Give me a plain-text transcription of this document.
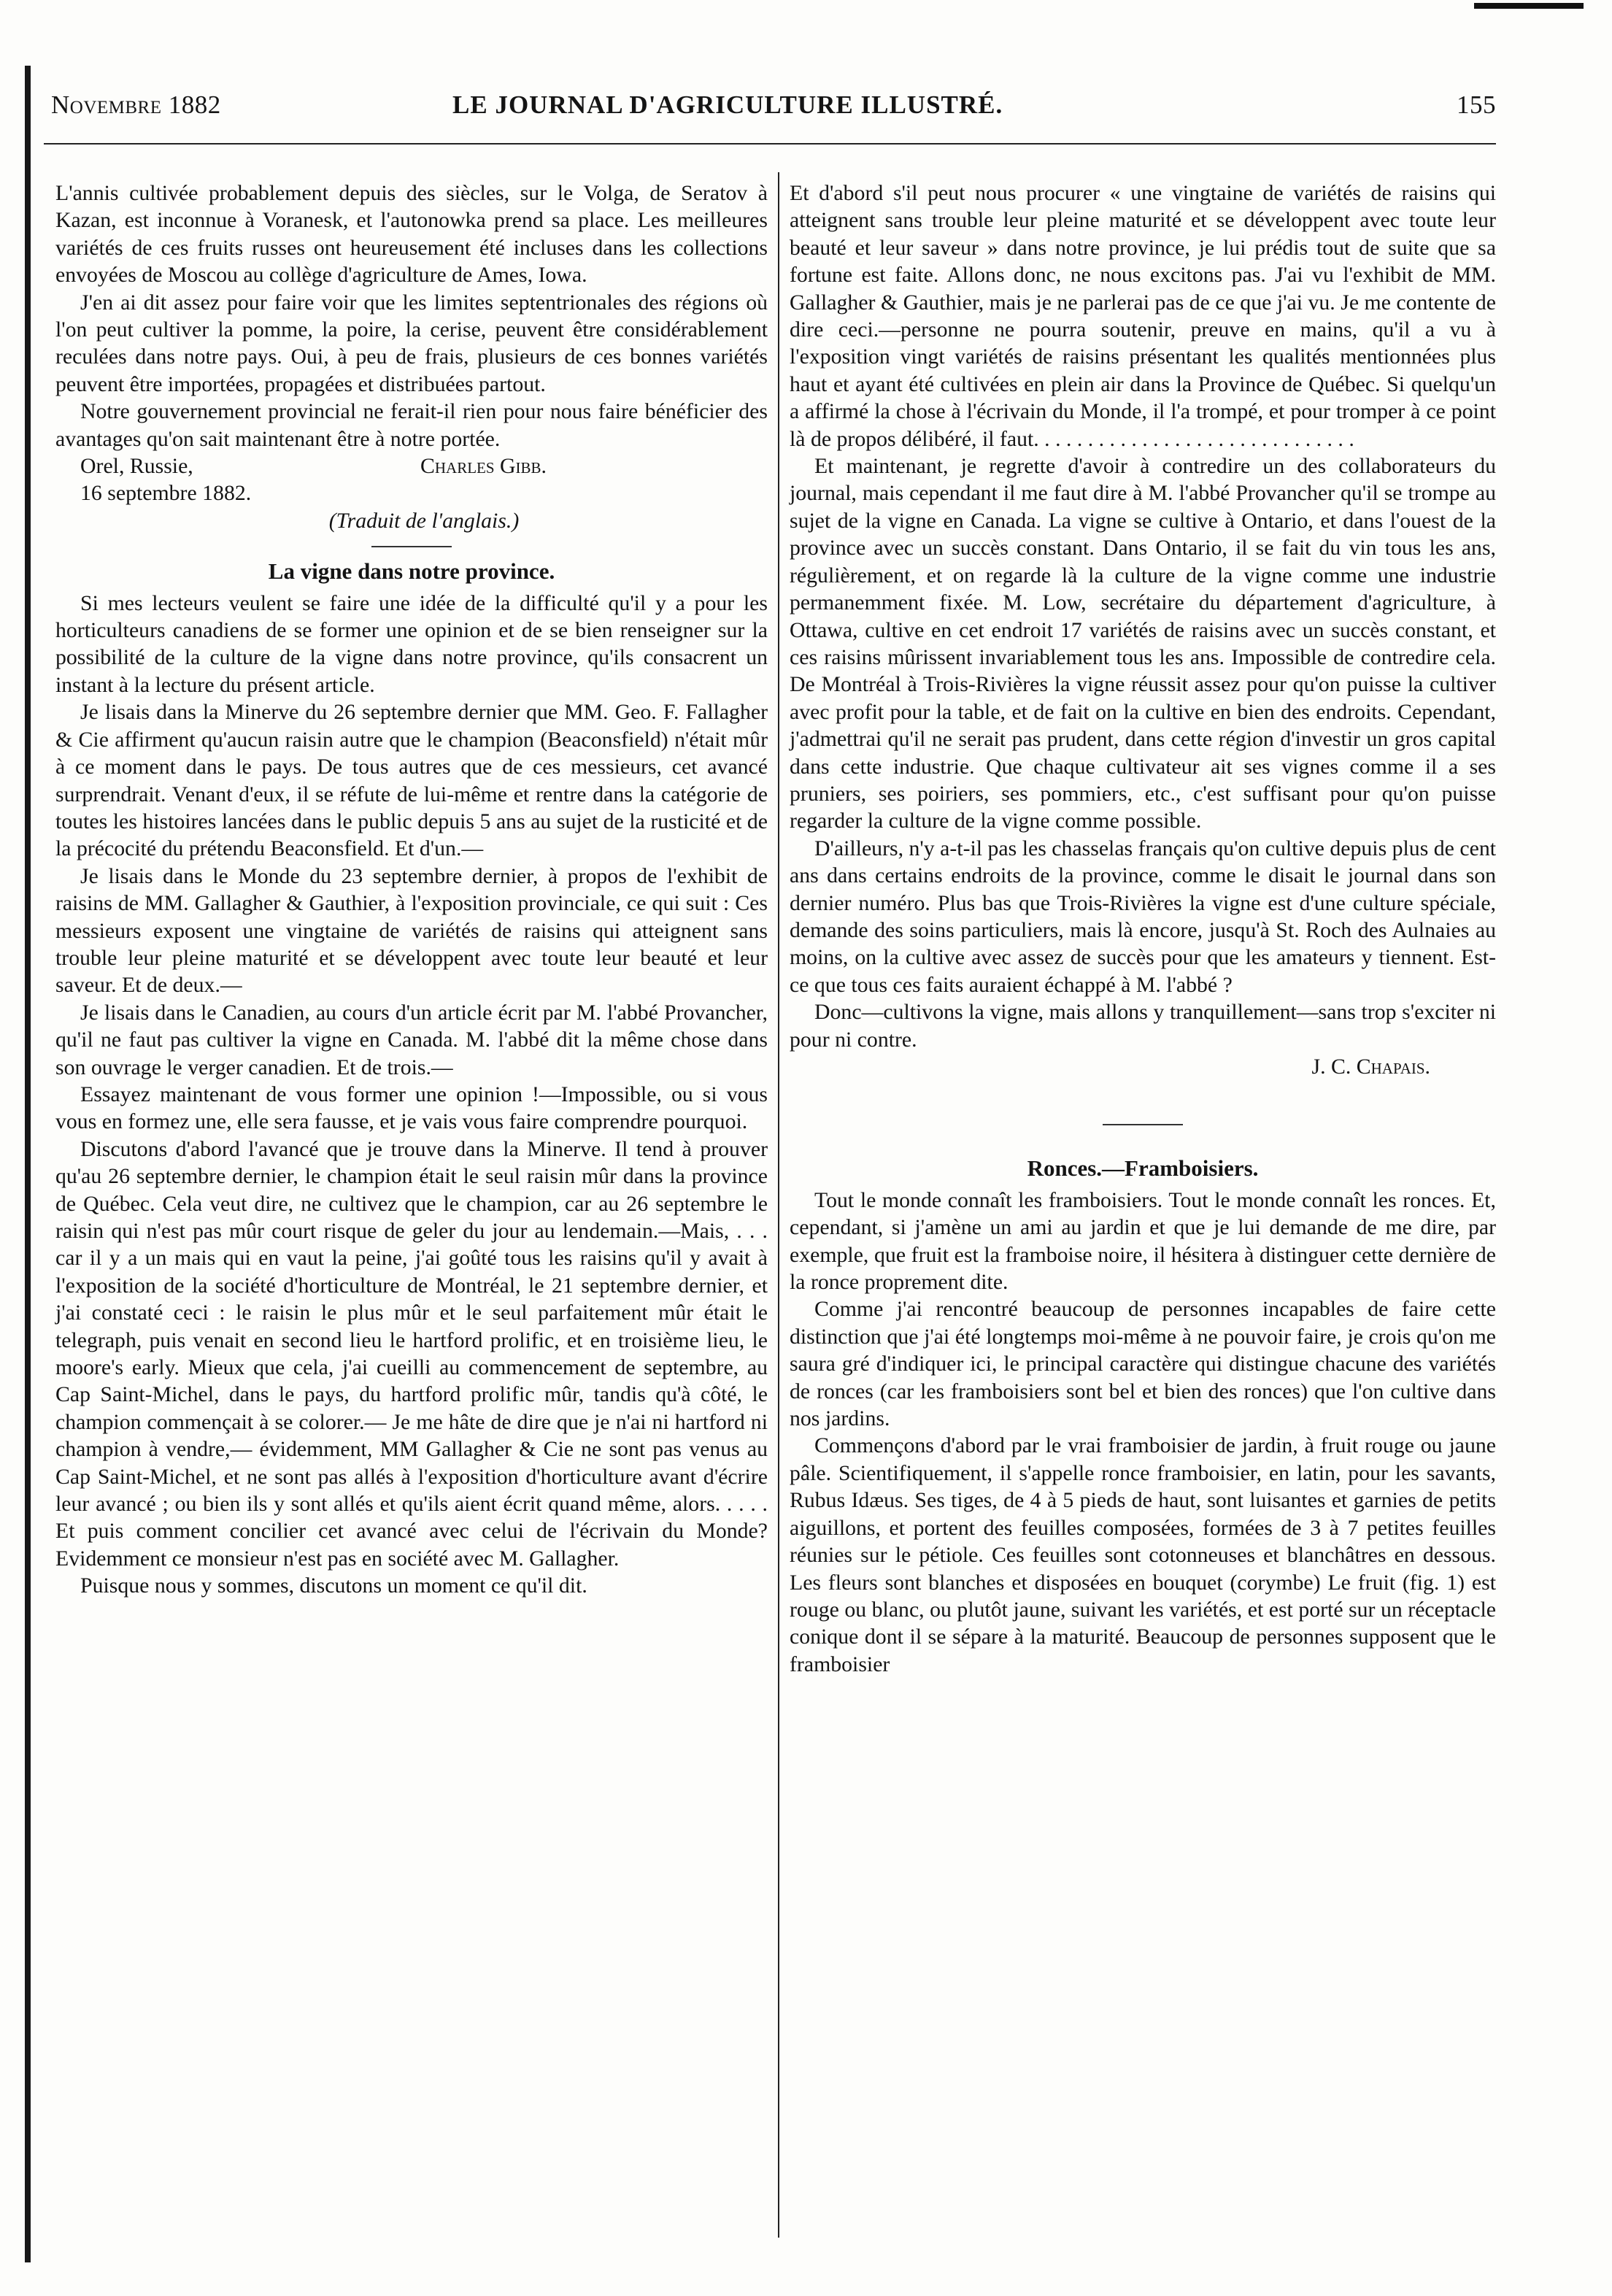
Novembre 1882	LE JOURNAL D'AGRICULTURE ILLUSTRÉ.	155

L'annis cultivée probablement depuis des siècles, sur le Volga, de Seratov à Kazan, est inconnue à Voranesk, et l'autonowka prend sa place. Les meilleures variétés de ces fruits russes ont heureusement été incluses dans les collections envoyées de Moscou au collège d'agriculture de Ames, Iowa.

J'en ai dit assez pour faire voir que les limites septentrionales des régions où l'on peut cultiver la pomme, la poire, la cerise, peuvent être considérablement reculées dans notre pays. Oui, à peu de frais, plusieurs de ces bonnes variétés peuvent être importées, propagées et distribuées partout.

Notre gouvernement provincial ne ferait-il rien pour nous faire bénéficier des avantages qu'on sait maintenant être à notre portée.

Orel, Russie,	Charles Gibb.

16 septembre 1882.

(Traduit de l'anglais.)

La vigne dans notre province.

Si mes lecteurs veulent se faire une idée de la difficulté qu'il y a pour les horticulteurs canadiens de se former une opinion et de se bien renseigner sur la possibilité de la culture de la vigne dans notre province, qu'ils consacrent un instant à la lecture du présent article.

Je lisais dans la Minerve du 26 septembre dernier que MM. Geo. F. Fallagher & Cie affirment qu'aucun raisin autre que le champion (Beaconsfield) n'était mûr à ce moment dans le pays. De tous autres que de ces messieurs, cet avancé surprendrait. Venant d'eux, il se réfute de lui-même et rentre dans la catégorie de toutes les histoires lancées dans le public depuis 5 ans au sujet de la rusticité et de la précocité du prétendu Beaconsfield. Et d'un.—

Je lisais dans le Monde du 23 septembre dernier, à propos de l'exhibit de raisins de MM. Gallagher & Gauthier, à l'exposition provinciale, ce qui suit : Ces messieurs exposent une vingtaine de variétés de raisins qui atteignent sans trouble leur pleine maturité et se développent avec toute leur beauté et leur saveur. Et de deux.—

Je lisais dans le Canadien, au cours d'un article écrit par M. l'abbé Provancher, qu'il ne faut pas cultiver la vigne en Canada. M. l'abbé dit la même chose dans son ouvrage le verger canadien. Et de trois.—

Essayez maintenant de vous former une opinion !—Impossible, ou si vous vous en formez une, elle sera fausse, et je vais vous faire comprendre pourquoi.

Discutons d'abord l'avancé que je trouve dans la Minerve. Il tend à prouver qu'au 26 septembre dernier, le champion était le seul raisin mûr dans la province de Québec. Cela veut dire, ne cultivez que le champion, car au 26 septembre le raisin qui n'est pas mûr court risque de geler du jour au lendemain.—Mais, . . . car il y a un mais qui en vaut la peine, j'ai goûté tous les raisins qu'il y avait à l'exposition de la société d'horticulture de Montréal, le 21 septembre dernier, et j'ai constaté ceci : le raisin le plus mûr et le seul parfaitement mûr était le telegraph, puis venait en second lieu le hartford prolific, et en troisième lieu, le moore's early. Mieux que cela, j'ai cueilli au commencement de septembre, au Cap Saint-Michel, dans le pays, du hartford prolific mûr, tandis qu'à côté, le champion commençait à se colorer.— Je me hâte de dire que je n'ai ni hartford ni champion à vendre,— évidemment, MM Gallagher & Cie ne sont pas venus au Cap Saint-Michel, et ne sont pas allés à l'exposition d'horticulture avant d'écrire leur avancé ; ou bien ils y sont allés et qu'ils aient écrit quand même, alors. . . . . Et puis comment concilier cet avancé avec celui de l'écrivain du Monde? Evidemment ce monsieur n'est pas en société avec M. Gallagher.

Puisque nous y sommes, discutons un moment ce qu'il dit.

Et d'abord s'il peut nous procurer « une vingtaine de variétés de raisins qui atteignent sans trouble leur pleine maturité et se développent avec toute leur beauté et leur saveur » dans notre province, je lui prédis tout de suite que sa fortune est faite. Allons donc, ne nous excitons pas. J'ai vu l'exhibit de MM. Gallagher & Gauthier, mais je ne parlerai pas de ce que j'ai vu. Je me contente de dire ceci.—personne ne pourra soutenir, preuve en mains, qu'il a vu à l'exposition vingt variétés de raisins présentant les qualités mentionnées plus haut et ayant été cultivées en plein air dans la Province de Québec. Si quelqu'un a affirmé la chose à l'écrivain du Monde, il l'a trompé, et pour tromper à ce point là de propos délibéré, il faut. . . . . . . . . . . . . . . . . . . . . . . . . . . . . .

Et maintenant, je regrette d'avoir à contredire un des collaborateurs du journal, mais cependant il me faut dire à M. l'abbé Provancher qu'il se trompe au sujet de la vigne en Canada. La vigne se cultive à Ontario, et dans l'ouest de la province avec un succès constant. Dans Ontario, il se fait du vin tous les ans, régulièrement, et on regarde là la culture de la vigne comme une industrie permanemment fixée. M. Low, secrétaire du département d'agriculture, à Ottawa, cultive en cet endroit 17 variétés de raisins avec un succès constant, et ces raisins mûrissent invariablement tous les ans. Impossible de contredire cela. De Montréal à Trois-Rivières la vigne réussit assez pour qu'on puisse la cultiver avec profit pour la table, et de fait on la cultive en bien des endroits. Cependant, j'admettrai qu'il ne serait pas prudent, dans cette région d'investir un gros capital dans cette industrie. Que chaque cultivateur ait ses vignes comme il a ses pruniers, ses poiriers, ses pommiers, etc., c'est suffisant pour qu'on puisse regarder la culture de la vigne comme possible.

D'ailleurs, n'y a-t-il pas les chasselas français qu'on cultive depuis plus de cent ans dans certains endroits de la province, comme le disait le journal dans son dernier numéro. Plus bas que Trois-Rivières la vigne est d'une culture spéciale, demande des soins particuliers, mais là encore, jusqu'à St. Roch des Aulnaies au moins, on la cultive avec assez de succès pour que les amateurs y tiennent. Est-ce que tous ces faits auraient échappé à M. l'abbé ?

Donc—cultivons la vigne, mais allons y tranquillement—sans trop s'exciter ni pour ni contre.

J. C. Chapais.

Ronces.—Framboisiers.

Tout le monde connaît les framboisiers. Tout le monde connaît les ronces. Et, cependant, si j'amène un ami au jardin et que je lui demande de me dire, par exemple, que fruit est la framboise noire, il hésitera à distinguer cette dernière de la ronce proprement dite.

Comme j'ai rencontré beaucoup de personnes incapables de faire cette distinction que j'ai été longtemps moi-même à ne pouvoir faire, je crois qu'on me saura gré d'indiquer ici, le principal caractère qui distingue chacune des variétés de ronces (car les framboisiers sont bel et bien des ronces) que l'on cultive dans nos jardins.

Commençons d'abord par le vrai framboisier de jardin, à fruit rouge ou jaune pâle. Scientifiquement, il s'appelle ronce framboisier, en latin, pour les savants, Rubus Idæus. Ses tiges, de 4 à 5 pieds de haut, sont luisantes et garnies de petits aiguillons, et portent des feuilles composées, formées de 3 à 7 petites feuilles réunies sur le pétiole. Ces feuilles sont cotonneuses et blanchâtres en dessous. Les fleurs sont blanches et disposées en bouquet (corymbe) Le fruit (fig. 1) est rouge ou blanc, ou plutôt jaune, suivant les variétés, et est porté sur un réceptacle conique dont il se sépare à la maturité. Beaucoup de personnes supposent que le framboisier
